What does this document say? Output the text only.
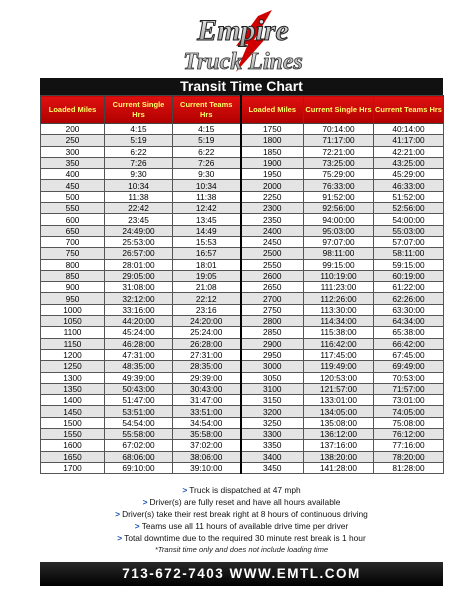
Empire
Truck Lines
Transit Time Chart
Loaded Miles	Current Single Hrs	Current Teams Hrs	Loaded Miles	Current Single Hrs	Current Teams Hrs
200	4:15	4:15	1750	70:14:00	40:14:00
250	5:19	5:19	1800	71:17:00	41:17:00
300	6:22	6:22	1850	72:21:00	42:21:00
350	7:26	7:26	1900	73:25:00	43:25:00
400	9:30	9:30	1950	75:29:00	45:29:00
450	10:34	10:34	2000	76:33:00	46:33:00
500	11:38	11:38	2250	91:52:00	51:52:00
550	22:42	12:42	2300	92:56:00	52:56:00
600	23:45	13:45	2350	94:00:00	54:00:00
650	24:49:00	14:49	2400	95:03:00	55:03:00
700	25:53:00	15:53	2450	97:07:00	57:07:00
750	26:57:00	16:57	2500	98:11:00	58:11:00
800	28:01:00	18:01	2550	99:15:00	59:15:00
850	29:05:00	19:05	2600	110:19:00	60:19:00
900	31:08:00	21:08	2650	111:23:00	61:22:00
950	32:12:00	22:12	2700	112:26:00	62:26:00
1000	33:16:00	23:16	2750	113:30:00	63:30:00
1050	44:20:00	24:20:00	2800	114:34:00	64:34:00
1100	45:24:00	25:24:00	2850	115:38:00	65:38:00
1150	46:28:00	26:28:00	2900	116:42:00	66:42:00
1200	47:31:00	27:31:00	2950	117:45:00	67:45:00
1250	48:35:00	28:35:00	3000	119:49:00	69:49:00
1300	49:39:00	29:39:00	3050	120:53:00	70:53:00
1350	50:43:00	30:43:00	3100	121:57:00	71:57:00
1400	51:47:00	31:47:00	3150	133:01:00	73:01:00
1450	53:51:00	33:51:00	3200	134:05:00	74:05:00
1500	54:54:00	34:54:00	3250	135:08:00	75:08:00
1550	55:58:00	35:58:00	3300	136:12:00	76:12:00
1600	67:02:00	37:02:00	3350	137:16:00	77:16:00
1650	68:06:00	38:06:00	3400	138:20:00	78:20:00
1700	69:10:00	39:10:00	3450	141:28:00	81:28:00
> Truck is dispatched at 47 mph
> Driver(s) are fully reset and have all hours available
> Driver(s) take their rest break right at 8 hours of continuous driving
> Teams use all 11 hours of available drive time per driver
> Total downtime due to the required 30 minute rest break is 1 hour
*Transit time only and does not include loading time
713-672-7403 WWW.EMTL.COM
